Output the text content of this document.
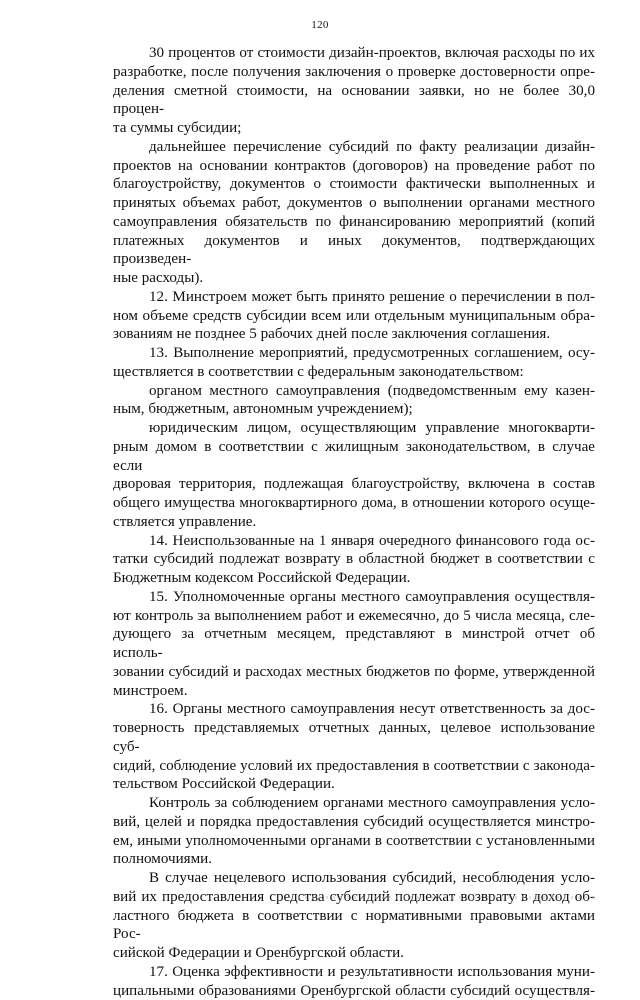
120

30 процентов от стоимости дизайн-проектов, включая расходы по их
разработке, после получения заключения о проверке достоверности опре-
деления сметной стоимости, на основании заявки, но не более 30,0 процен-
та суммы субсидии;

дальнейшее перечисление субсидий по факту реализации дизайн-
проектов на основании контрактов (договоров) на проведение работ по
благоустройству, документов о стоимости фактически выполненных и
принятых объемах работ, документов о выполнении органами местного
самоуправления обязательств по финансированию мероприятий (копий
платежных документов и иных документов, подтверждающих произведен-
ные расходы).

12. Минстроем может быть принято решение о перечислении в пол-
ном объеме средств субсидии всем или отдельным муниципальным обра-
зованиям не позднее 5 рабочих дней после заключения соглашения.

13. Выполнение мероприятий, предусмотренных соглашением, осу-
ществляется в соответствии с федеральным законодательством:

органом местного самоуправления (подведомственным ему казен-
ным, бюджетным, автономным учреждением);

юридическим лицом, осуществляющим управление многокварти-
рным домом в соответствии с жилищным законодательством, в случае если
дворовая территория, подлежащая благоустройству, включена в состав
общего имущества многоквартирного дома, в отношении которого осуще-
ствляется управление.

14. Неиспользованные на 1 января очередного финансового года ос-
татки субсидий подлежат возврату в областной бюджет в соответствии с
Бюджетным кодексом Российской Федерации.

15. Уполномоченные органы местного самоуправления осуществля-
ют контроль за выполнением работ и ежемесячно, до 5 числа месяца, сле-
дующего за отчетным месяцем, представляют в минстрой отчет об исполь-
зовании субсидий и расходах местных бюджетов по форме, утвержденной
минстроем.

16. Органы местного самоуправления несут ответственность за дос-
товерность представляемых отчетных данных, целевое использование суб-
сидий, соблюдение условий их предоставления в соответствии с законода-
тельством Российской Федерации.

Контроль за соблюдением органами местного самоуправления усло-
вий, целей и порядка предоставления субсидий осуществляется минстро-
ем, иными уполномоченными органами в соответствии с установленными
полномочиями.

В случае нецелевого использования субсидий, несоблюдения усло-
вий их предоставления средства субсидий подлежат возврату в доход об-
ластного бюджета в соответствии с нормативными правовыми актами Рос-
сийской Федерации и Оренбургской области.

17. Оценка эффективности и результативности использования муни-
ципальными образованиями Оренбургской области субсидий осуществля-
